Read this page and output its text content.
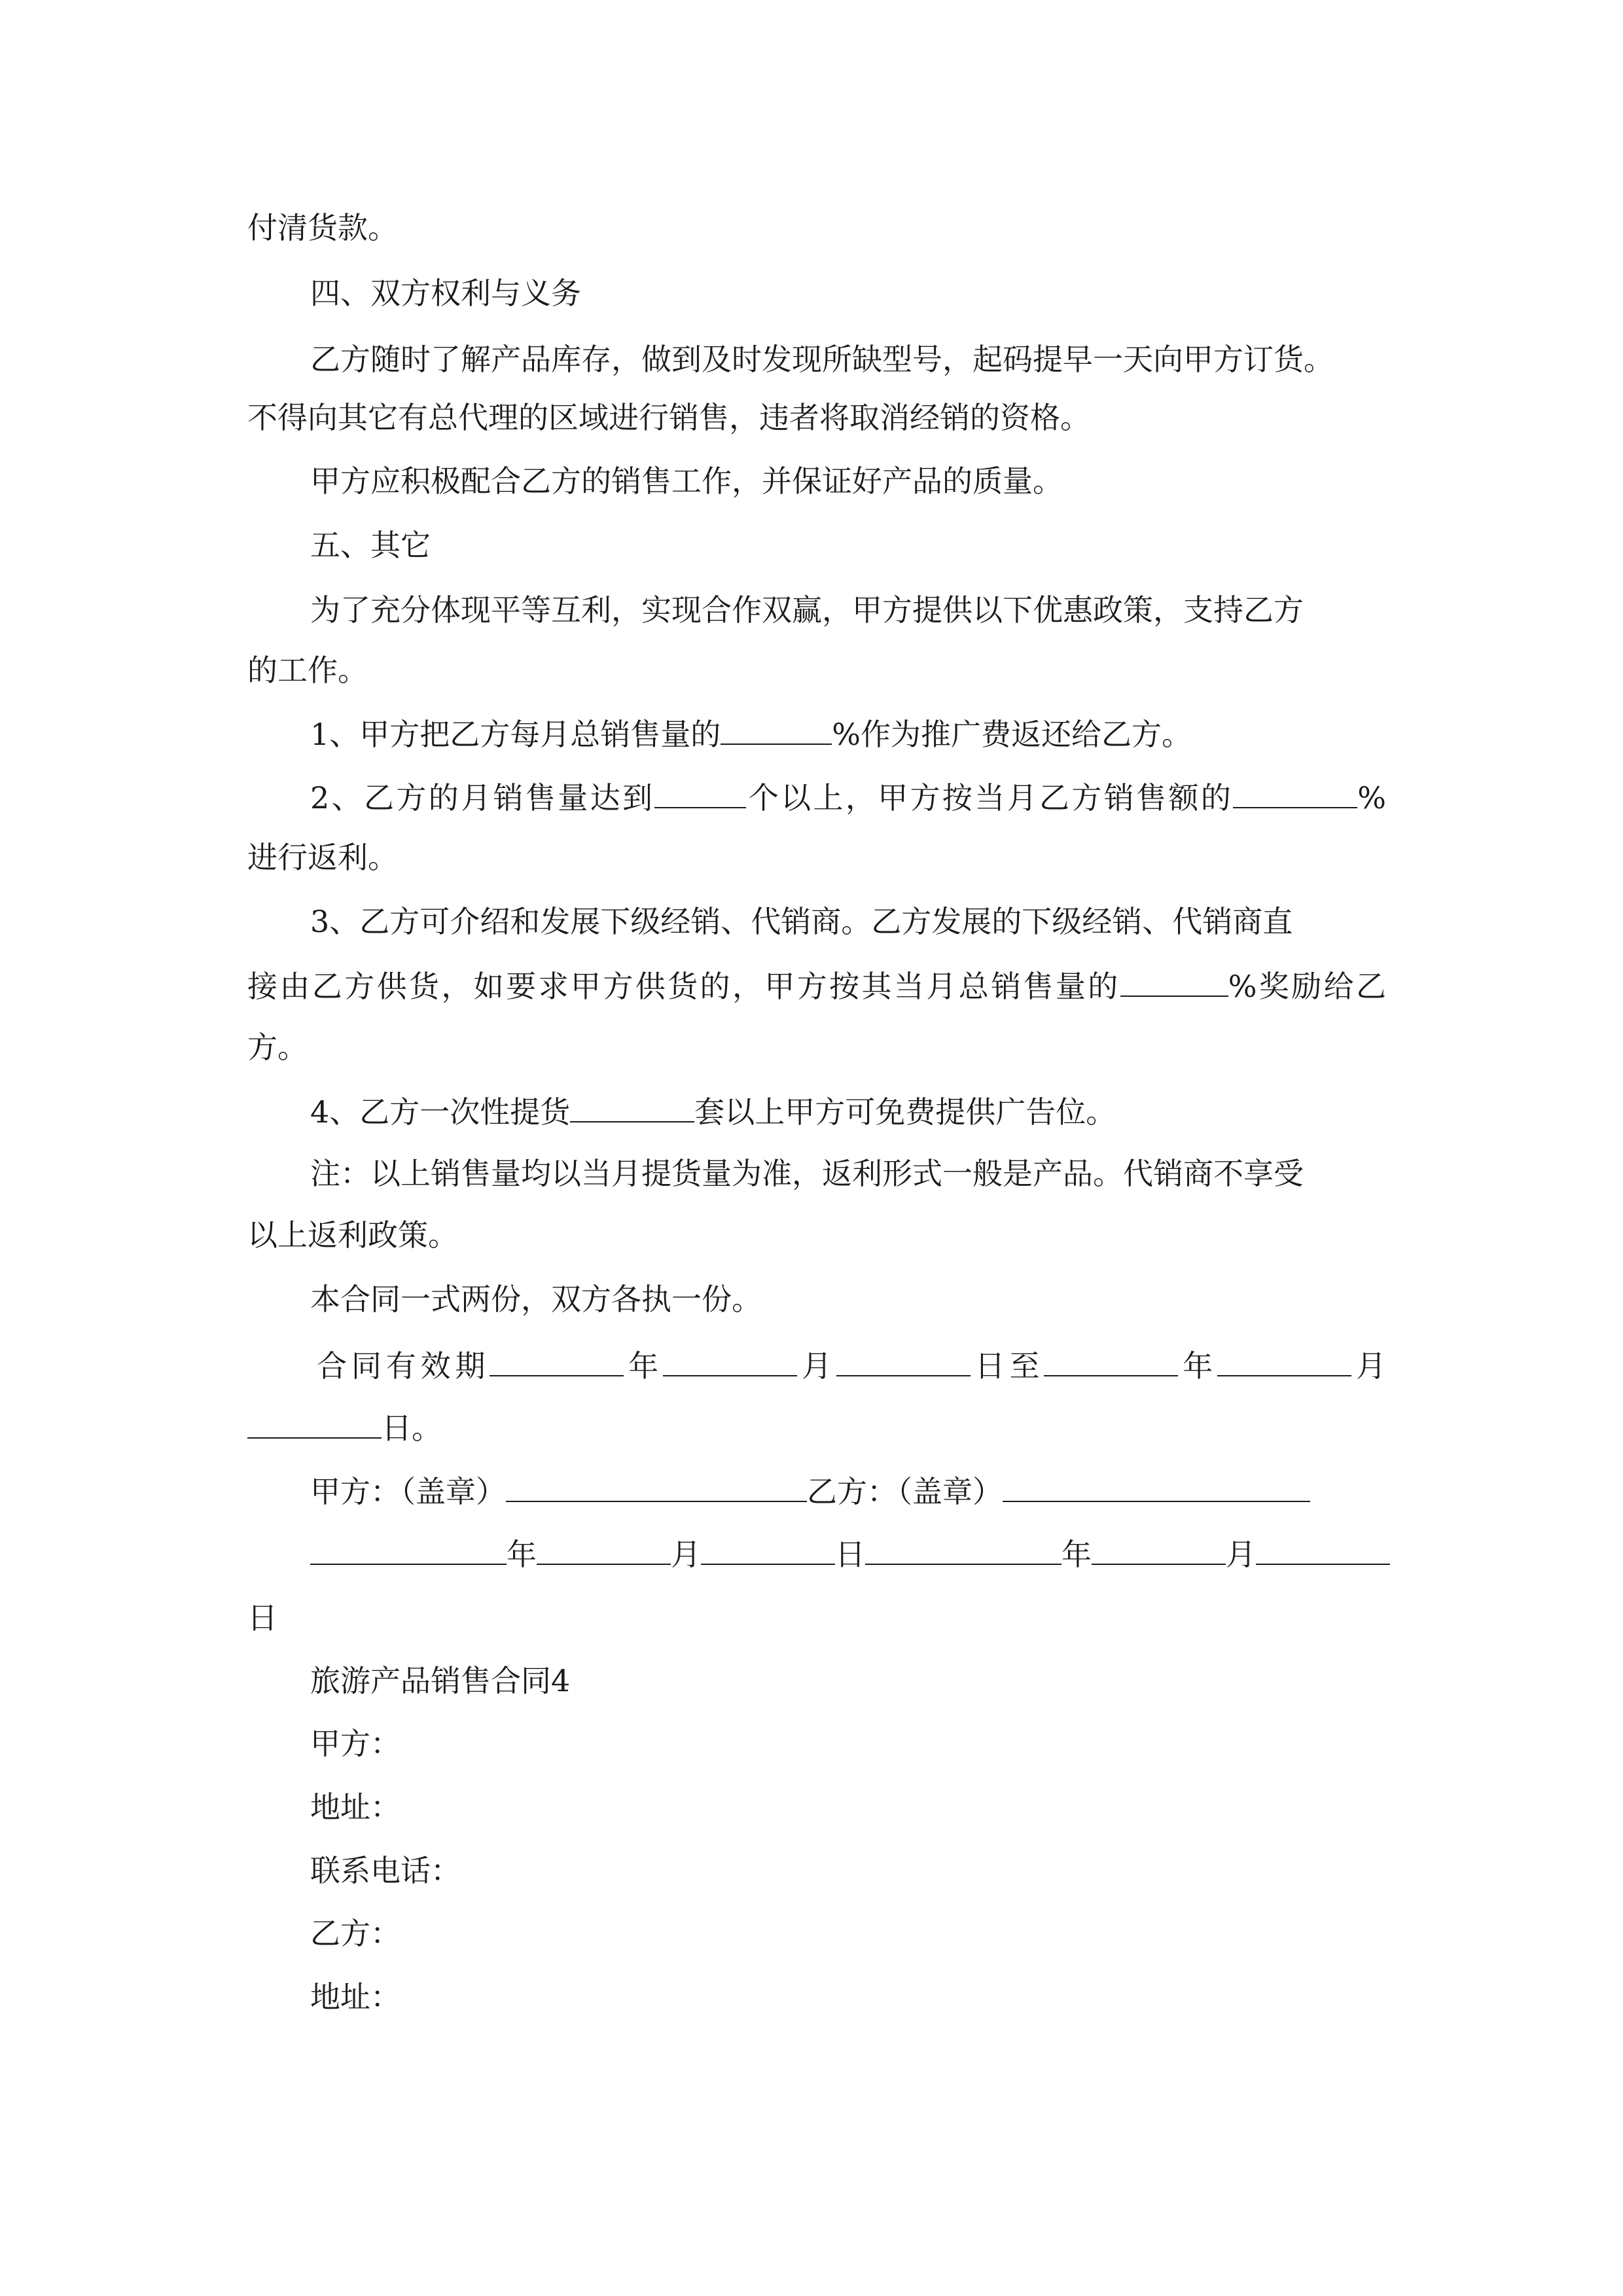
付清货款。
四、双方权利与义务
乙方随时了解产品库存，做到及时发现所缺型号，起码提早一天向甲方订货。
不得向其它有总代理的区域进行销售，违者将取消经销的资格。
甲方应积极配合乙方的销售工作，并保证好产品的质量。
五、其它
为了充分体现平等互利，实现合作双赢，甲方提供以下优惠政策，支持乙方
的工作。
1、甲方把乙方每月总销售量的	%作为推广费返还给乙方。
2、乙方的月销售量达到	个以上，甲方按当月乙方销售额的	%
进行返利。
3、乙方可介绍和发展下级经销、代销商。乙方发展的下级经销、代销商直
接由乙方供货，如要求甲方供货的，甲方按其当月总销售量的	%奖励给乙
方。
4、乙方一次性提货	套以上甲方可免费提供广告位。
注：以上销售量均以当月提货量为准，返利形式一般是产品。代销商不享受
以上返利政策。
本合同一式两份，双方各执一份。
合同有效期	年	月	日至	年	月
日。
甲方：（盖章）	乙方：（盖章）
年	月	日	年	月
日
旅游产品销售合同4
甲方：
地址：
联系电话：
乙方：
地址：
